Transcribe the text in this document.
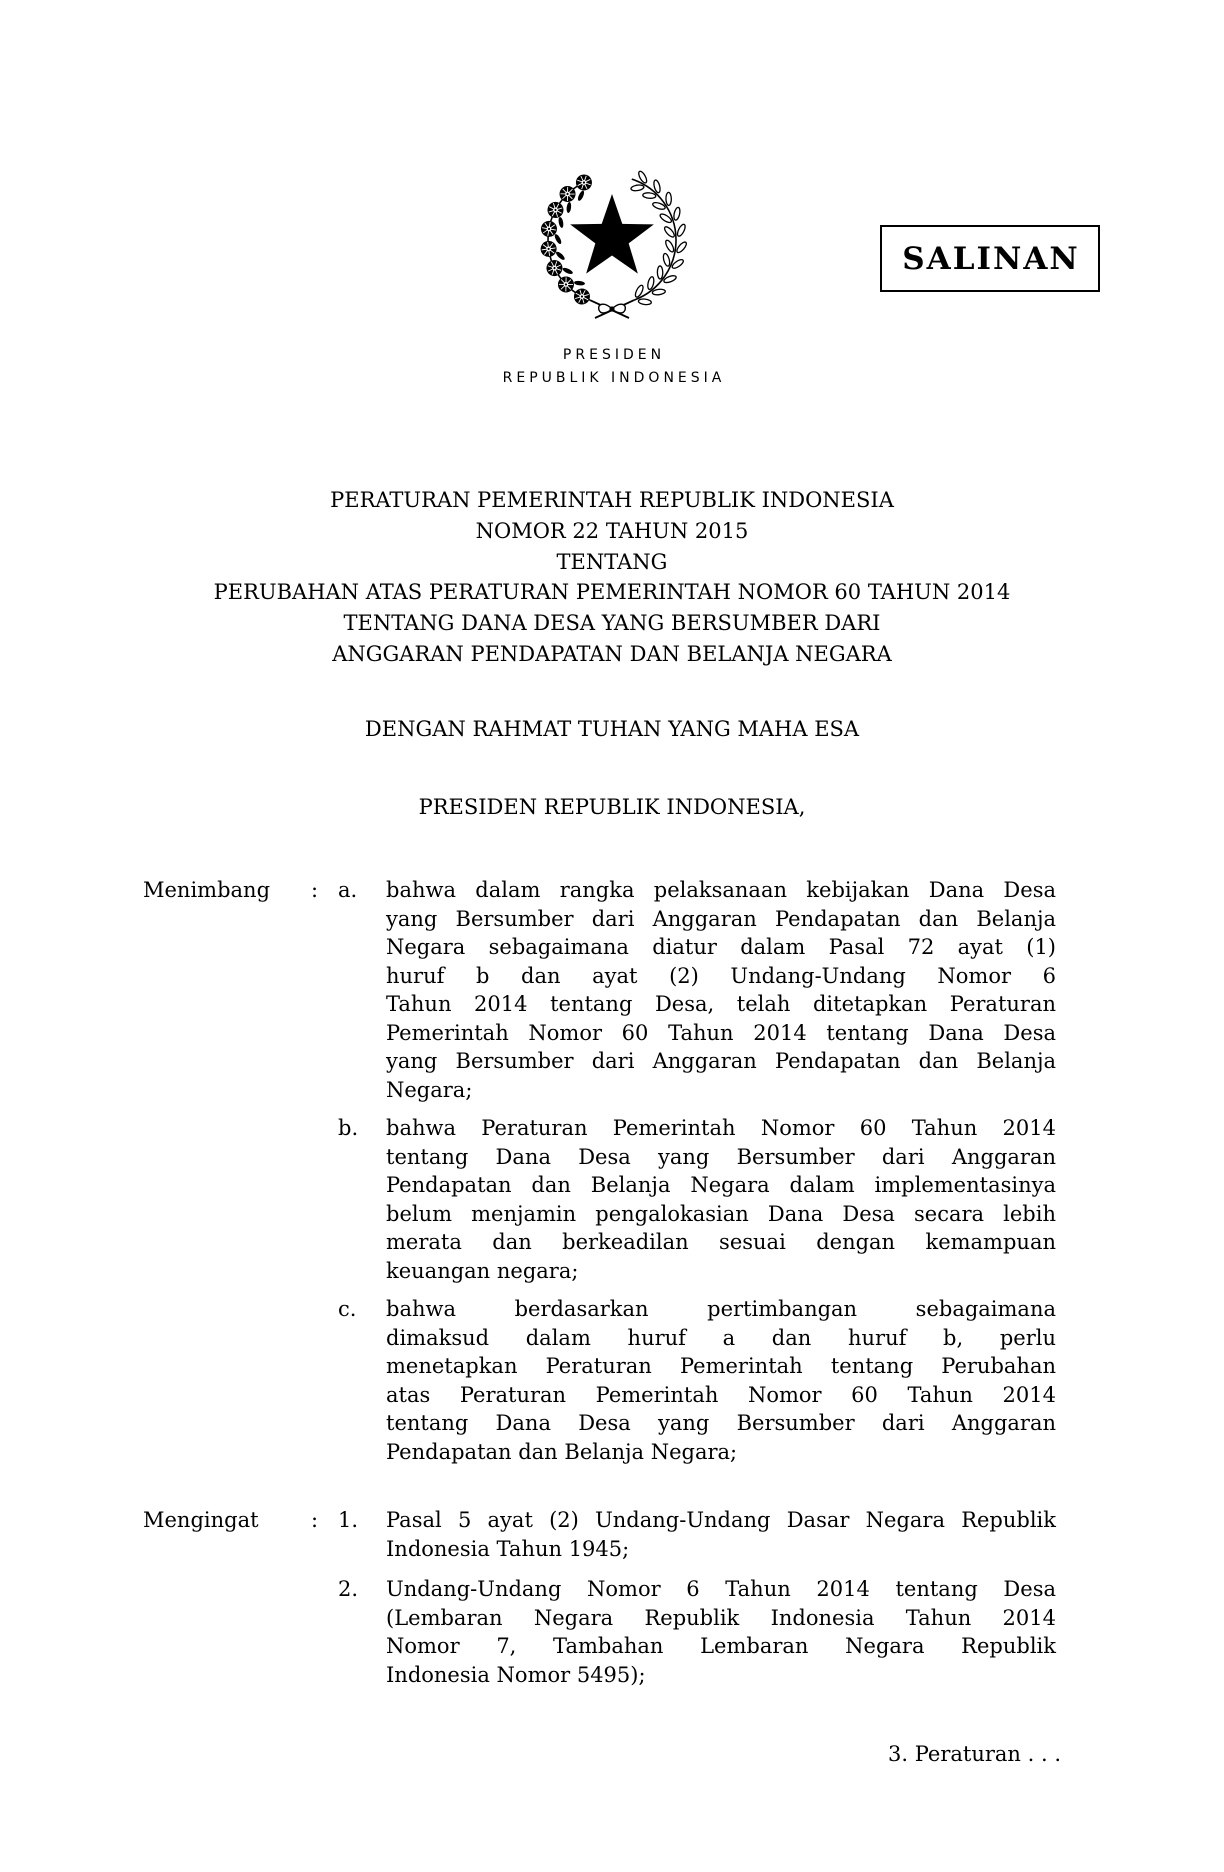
PRESIDEN
REPUBLIK INDONESIA
SALINAN
PERATURAN PEMERINTAH REPUBLIK INDONESIA
NOMOR 22 TAHUN 2015
TENTANG
PERUBAHAN ATAS PERATURAN PEMERINTAH NOMOR 60 TAHUN 2014
TENTANG DANA DESA YANG BERSUMBER DARI
ANGGARAN PENDAPATAN DAN BELANJA NEGARA
DENGAN RAHMAT TUHAN YANG MAHA ESA
PRESIDEN REPUBLIK INDONESIA,
Menimbang : a. bahwa dalam rangka pelaksanaan kebijakan Dana Desa
yang Bersumber dari Anggaran Pendapatan dan Belanja
Negara sebagaimana diatur dalam Pasal 72 ayat (1)
huruf b dan ayat (2) Undang-Undang Nomor 6
Tahun 2014 tentang Desa, telah ditetapkan Peraturan
Pemerintah Nomor 60 Tahun 2014 tentang Dana Desa
yang Bersumber dari Anggaran Pendapatan dan Belanja
Negara;
b. bahwa Peraturan Pemerintah Nomor 60 Tahun 2014
tentang Dana Desa yang Bersumber dari Anggaran
Pendapatan dan Belanja Negara dalam implementasinya
belum menjamin pengalokasian Dana Desa secara lebih
merata dan berkeadilan sesuai dengan kemampuan
keuangan negara;
c. bahwa berdasarkan pertimbangan sebagaimana
dimaksud dalam huruf a dan huruf b, perlu
menetapkan Peraturan Pemerintah tentang Perubahan
atas Peraturan Pemerintah Nomor 60 Tahun 2014
tentang Dana Desa yang Bersumber dari Anggaran
Pendapatan dan Belanja Negara;
Mengingat : 1. Pasal 5 ayat (2) Undang-Undang Dasar Negara Republik
Indonesia Tahun 1945;
2. Undang-Undang Nomor 6 Tahun 2014 tentang Desa
(Lembaran Negara Republik Indonesia Tahun 2014
Nomor 7, Tambahan Lembaran Negara Republik
Indonesia Nomor 5495);
3. Peraturan . . .
